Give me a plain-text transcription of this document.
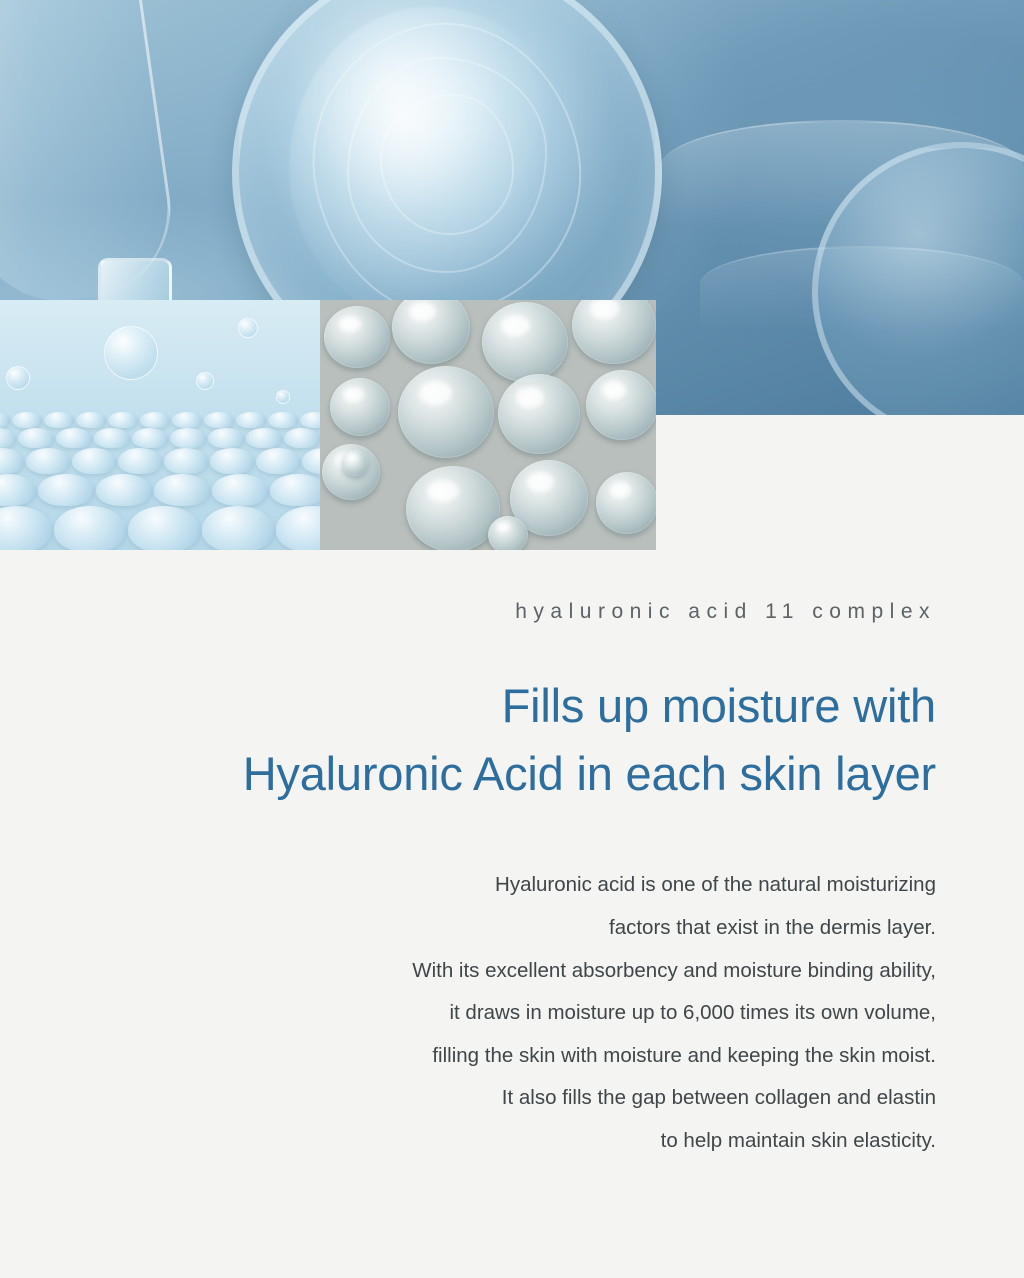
hyaluronic acid 11 complex
Fills up moisture with
Hyaluronic Acid in each skin layer
Hyaluronic acid is one of the natural moisturizing
factors that exist in the dermis layer.
With its excellent absorbency and moisture binding ability,
it draws in moisture up to 6,000 times its own volume,
filling the skin with moisture and keeping the skin moist.
It also fills the gap between collagen and elastin
to help maintain skin elasticity.
